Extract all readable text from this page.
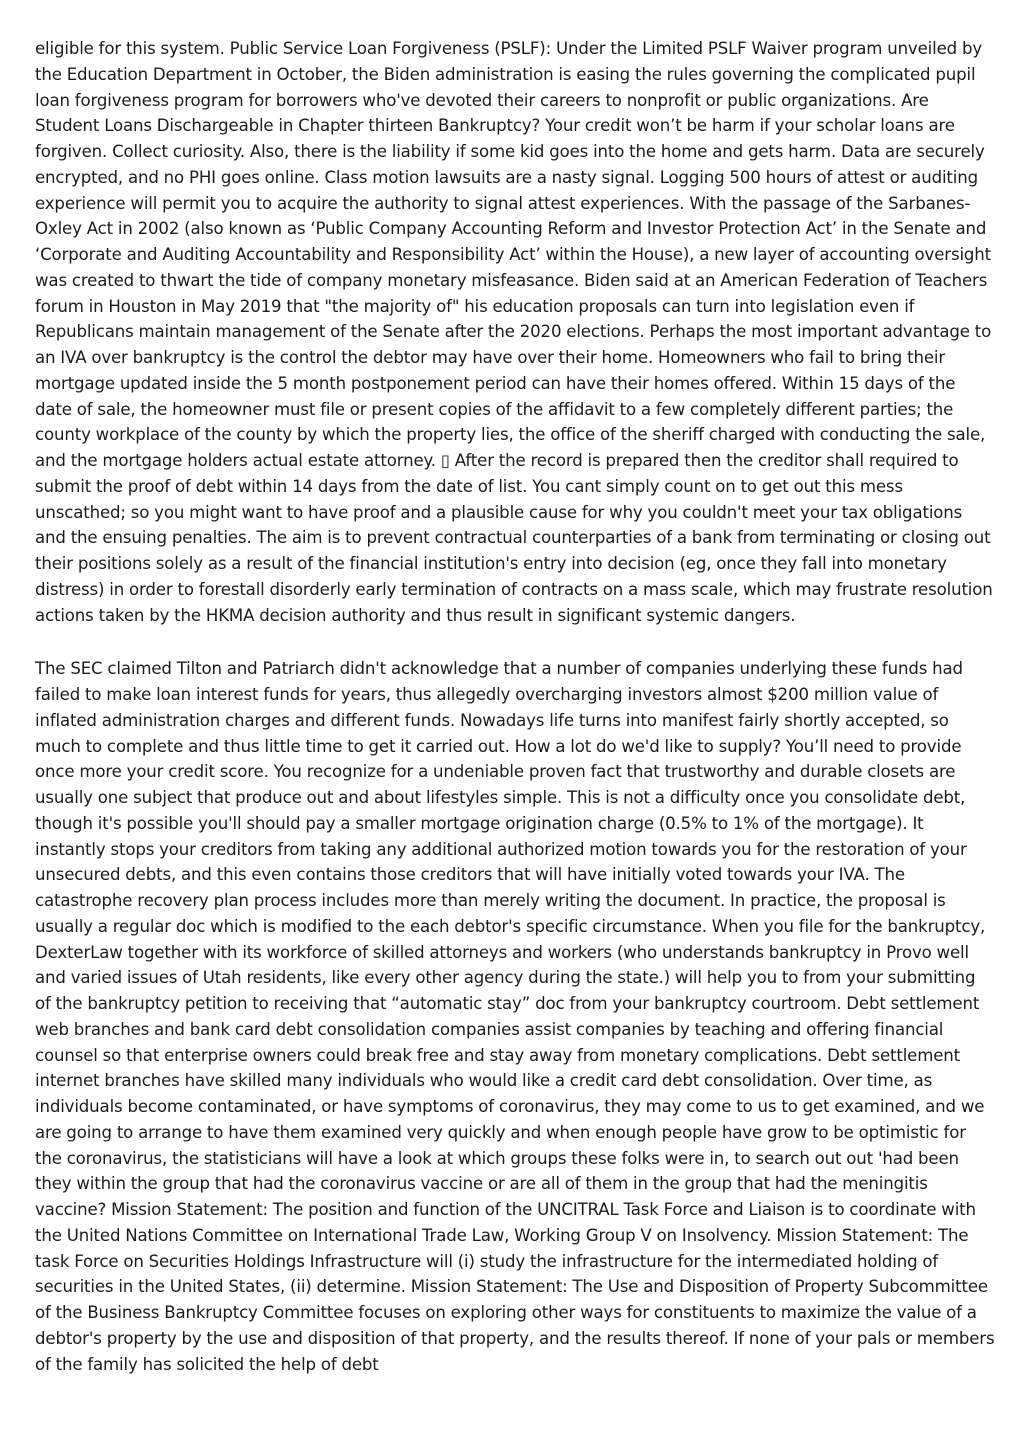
eligible for this system. Public Service Loan Forgiveness (PSLF): Under the Limited PSLF Waiver program unveiled by the Education Department in October, the Biden administration is easing the rules governing the complicated pupil loan forgiveness program for borrowers who've devoted their careers to nonprofit or public organizations. Are Student Loans Dischargeable in Chapter thirteen Bankruptcy? Your credit won’t be harm if your scholar loans are forgiven. Collect curiosity. Also, there is the liability if some kid goes into the home and gets harm. Data are securely encrypted, and no PHI goes online. Class motion lawsuits are a nasty signal. Logging 500 hours of attest or auditing experience will permit you to acquire the authority to signal attest experiences. With the passage of the Sarbanes-Oxley Act in 2002 (also known as ‘Public Company Accounting Reform and Investor Protection Act’ in the Senate and ‘Corporate and Auditing Accountability and Responsibility Act’ within the House), a new layer of accounting oversight was created to thwart the tide of company monetary misfeasance. Biden said at an American Federation of Teachers forum in Houston in May 2019 that "the majority of" his education proposals can turn into legislation even if Republicans maintain management of the Senate after the 2020 elections. Perhaps the most important advantage to an IVA over bankruptcy is the control the debtor may have over their home. Homeowners who fail to bring their mortgage updated inside the 5 month postponement period can have their homes offered. Within 15 days of the date of sale, the homeowner must file or present copies of the affidavit to a few completely different parties; the county workplace of the county by which the property lies, the office of the sheriff charged with conducting the sale, and the mortgage holders actual estate attorney. ▯ After the record is prepared then the creditor shall required to submit the proof of debt within 14 days from the date of list. You cant simply count on to get out this mess unscathed; so you might want to have proof and a plausible cause for why you couldn't meet your tax obligations and the ensuing penalties. The aim is to prevent contractual counterparties of a bank from terminating or closing out their positions solely as a result of the financial institution's entry into decision (eg, once they fall into monetary distress) in order to forestall disorderly early termination of contracts on a mass scale, which may frustrate resolution actions taken by the HKMA decision authority and thus result in significant systemic dangers.

The SEC claimed Tilton and Patriarch didn't acknowledge that a number of companies underlying these funds had failed to make loan interest funds for years, thus allegedly overcharging investors almost $200 million value of inflated administration charges and different funds. Nowadays life turns into manifest fairly shortly accepted, so much to complete and thus little time to get it carried out. How a lot do we'd like to supply? You’ll need to provide once more your credit score. You recognize for a undeniable proven fact that trustworthy and durable closets are usually one subject that produce out and about lifestyles simple. This is not a difficulty once you consolidate debt, though it's possible you'll should pay a smaller mortgage origination charge (0.5% to 1% of the mortgage). It instantly stops your creditors from taking any additional authorized motion towards you for the restoration of your unsecured debts, and this even contains those creditors that will have initially voted towards your IVA. The catastrophe recovery plan process includes more than merely writing the document. In practice, the proposal is usually a regular doc which is modified to the each debtor's specific circumstance. When you file for the bankruptcy, DexterLaw together with its workforce of skilled attorneys and workers (who understands bankruptcy in Provo well and varied issues of Utah residents, like every other agency during the state.) will help you to from your submitting of the bankruptcy petition to receiving that “automatic stay” doc from your bankruptcy courtroom. Debt settlement web branches and bank card debt consolidation companies assist companies by teaching and offering financial counsel so that enterprise owners could break free and stay away from monetary complications. Debt settlement internet branches have skilled many individuals who would like a credit card debt consolidation. Over time, as individuals become contaminated, or have symptoms of coronavirus, they may come to us to get examined, and we are going to arrange to have them examined very quickly and when enough people have grow to be optimistic for the coronavirus, the statisticians will have a look at which groups these folks were in, to search out out 'had been they within the group that had the coronavirus vaccine or are all of them in the group that had the meningitis vaccine? Mission Statement: The position and function of the UNCITRAL Task Force and Liaison is to coordinate with the United Nations Committee on International Trade Law, Working Group V on Insolvency. Mission Statement: The task Force on Securities Holdings Infrastructure will (i) study the infrastructure for the intermediated holding of securities in the United States, (ii) determine. Mission Statement: The Use and Disposition of Property Subcommittee of the Business Bankruptcy Committee focuses on exploring other ways for constituents to maximize the value of a debtor's property by the use and disposition of that property, and the results thereof. If none of your pals or members of the family has solicited the help of debt
